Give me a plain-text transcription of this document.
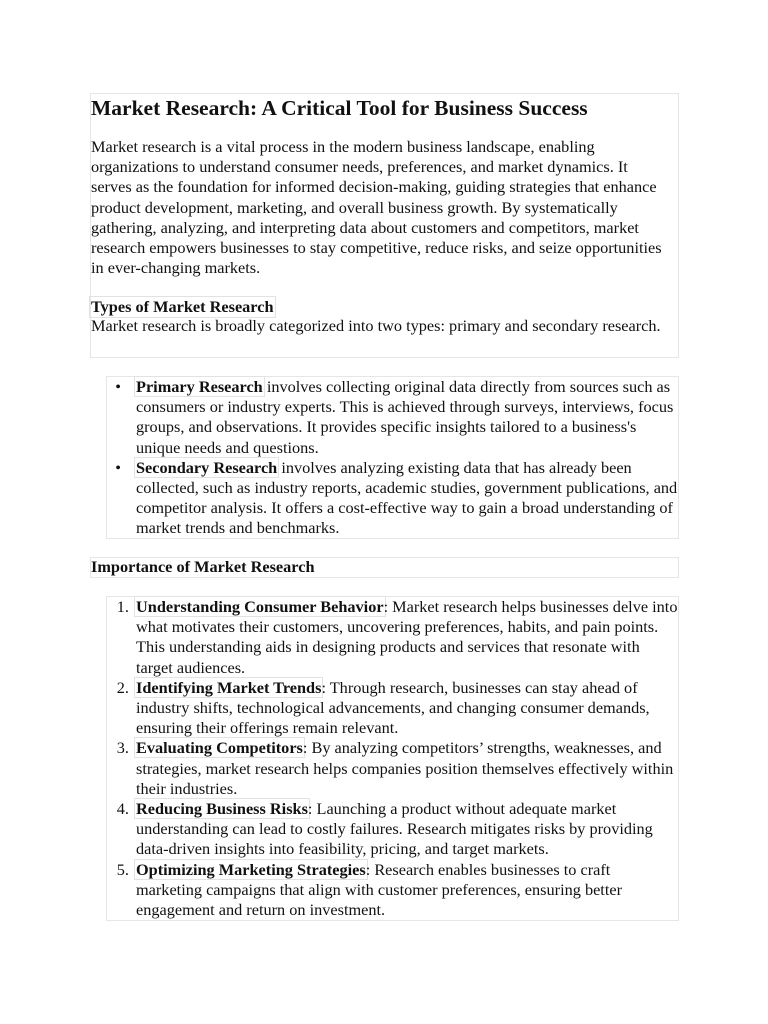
Market Research: A Critical Tool for Business Success

Market research is a vital process in the modern business landscape, enabling organizations to understand consumer needs, preferences, and market dynamics. It serves as the foundation for informed decision-making, guiding strategies that enhance product development, marketing, and overall business growth. By systematically gathering, analyzing, and interpreting data about customers and competitors, market research empowers businesses to stay competitive, reduce risks, and seize opportunities in ever-changing markets.

Types of Market Research

Market research is broadly categorized into two types: primary and secondary research.

• Primary Research involves collecting original data directly from sources such as consumers or industry experts. This is achieved through surveys, interviews, focus groups, and observations. It provides specific insights tailored to a business's unique needs and questions.
• Secondary Research involves analyzing existing data that has already been collected, such as industry reports, academic studies, government publications, and competitor analysis. It offers a cost-effective way to gain a broad understanding of market trends and benchmarks.
Importance of Market Research
1. Understanding Consumer Behavior: Market research helps businesses delve into what motivates their customers, uncovering preferences, habits, and pain points. This understanding aids in designing products and services that resonate with target audiences.
2. Identifying Market Trends: Through research, businesses can stay ahead of industry shifts, technological advancements, and changing consumer demands, ensuring their offerings remain relevant.
3. Evaluating Competitors: By analyzing competitors’ strengths, weaknesses, and strategies, market research helps companies position themselves effectively within their industries.
4. Reducing Business Risks: Launching a product without adequate market understanding can lead to costly failures. Research mitigates risks by providing data-driven insights into feasibility, pricing, and target markets.
5. Optimizing Marketing Strategies: Research enables businesses to craft marketing campaigns that align with customer preferences, ensuring better engagement and return on investment.
